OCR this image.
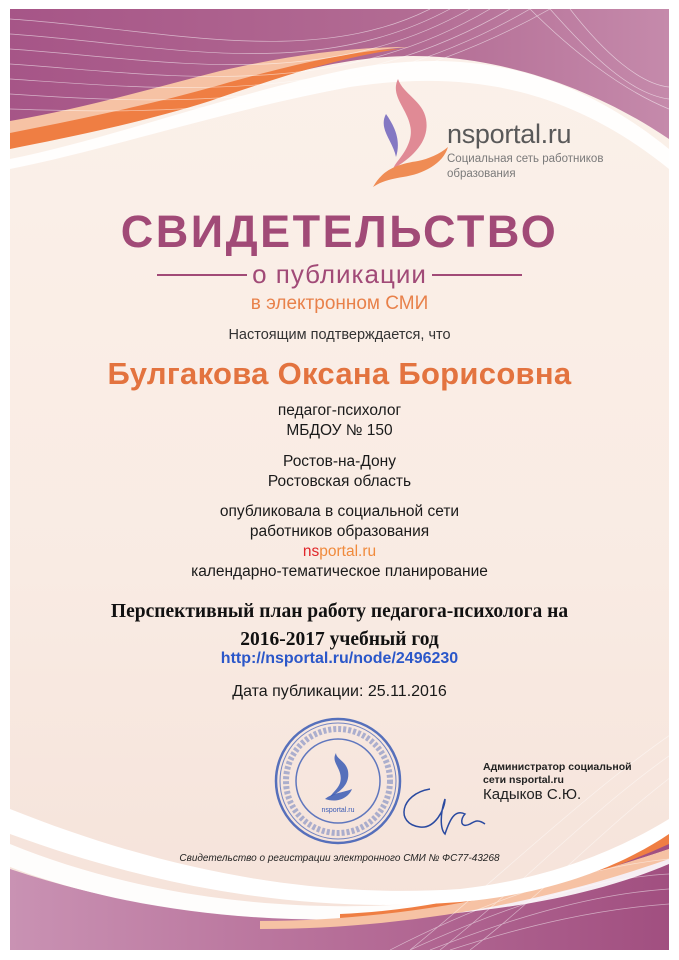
nsportal.ru
Социальная сеть работников
образования
СВИДЕТЕЛЬСТВО
о публикации
в электронном СМИ
Настоящим подтверждается, что
Булгакова Оксана Борисовна
педагог-психолог
МБДОУ № 150
Ростов-на-Дону
Ростовская область
опубликовала в социальной сети
работников образования
nsportal.ru
календарно-тематическое планирование
Перспективный план работу педагога-психолога на
2016-2017 учебный год
http://nsportal.ru/node/2496230
Дата публикации: 25.11.2016
nsportal.ru
Администратор социальной
сети nsportal.ru
Кадыков С.Ю.
Свидетельство о регистрации электронного СМИ № ФС77-43268
